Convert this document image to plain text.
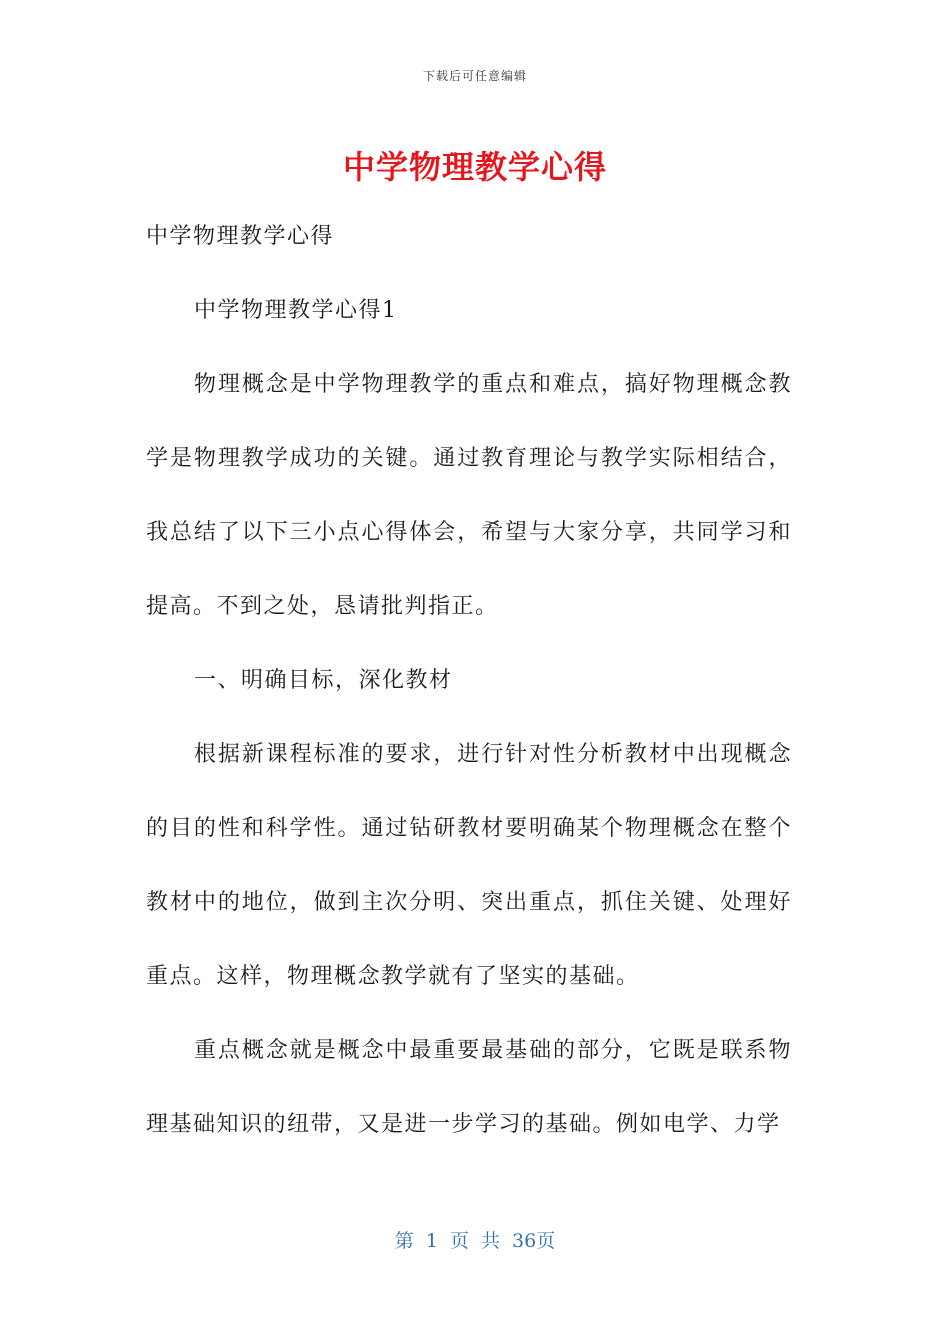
下载后可任意编辑
中学物理教学心得

中学物理教学心得

中学物理教学心得1

物理概念是中学物理教学的重点和难点，搞好物理概念教学是物理教学成功的关键。通过教育理论与教学实际相结合，我总结了以下三小点心得体会，希望与大家分享，共同学习和提高。不到之处，恳请批判指正。

一、明确目标，深化教材

根据新课程标准的要求，进行针对性分析教材中出现概念的目的性和科学性。通过钻研教材要明确某个物理概念在整个教材中的地位，做到主次分明、突出重点，抓住关键、处理好重点。这样，物理概念教学就有了坚实的基础。

重点概念就是概念中最重要最基础的部分，它既是联系物理基础知识的纽带，又是进一步学习的基础。例如电学、力学

第 1 页 共 36页
